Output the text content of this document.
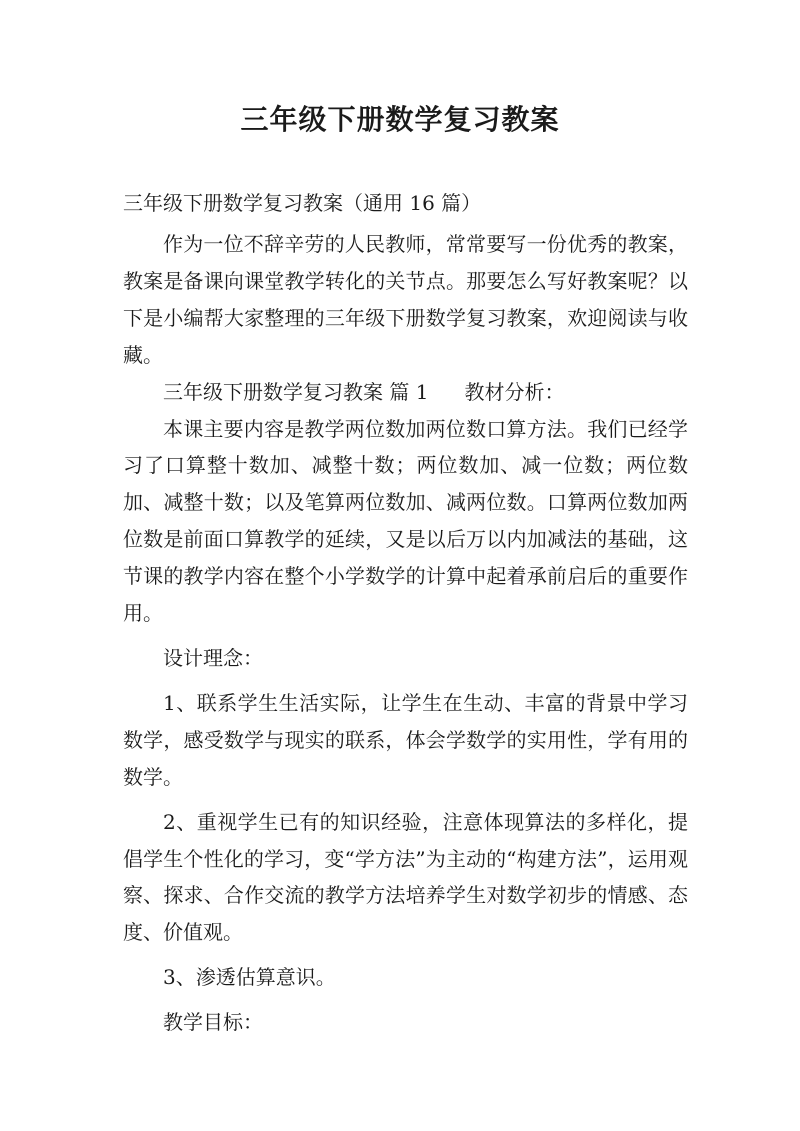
三年级下册数学复习教案
三年级下册数学复习教案（通用 16 篇）

作为一位不辞辛劳的人民教师，常常要写一份优秀的教案，教案是备课向课堂教学转化的关节点。那要怎么写好教案呢？以下是小编帮大家整理的三年级下册数学复习教案，欢迎阅读与收藏。

三年级下册数学复习教案 篇 1 教材分析：

本课主要内容是教学两位数加两位数口算方法。我们已经学习了口算整十数加、减整十数；两位数加、减一位数；两位数加、减整十数；以及笔算两位数加、减两位数。口算两位数加两位数是前面口算教学的延续，又是以后万以内加减法的基础，这节课的教学内容在整个小学数学的计算中起着承前启后的重要作用。

设计理念：

1、联系学生生活实际，让学生在生动、丰富的背景中学习数学，感受数学与现实的联系，体会学数学的实用性，学有用的数学。

2、重视学生已有的知识经验，注意体现算法的多样化，提倡学生个性化的学习，变“学方法”为主动的“构建方法”，运用观察、探求、合作交流的教学方法培养学生对数学初步的情感、态度、价值观。

3、渗透估算意识。

教学目标：
